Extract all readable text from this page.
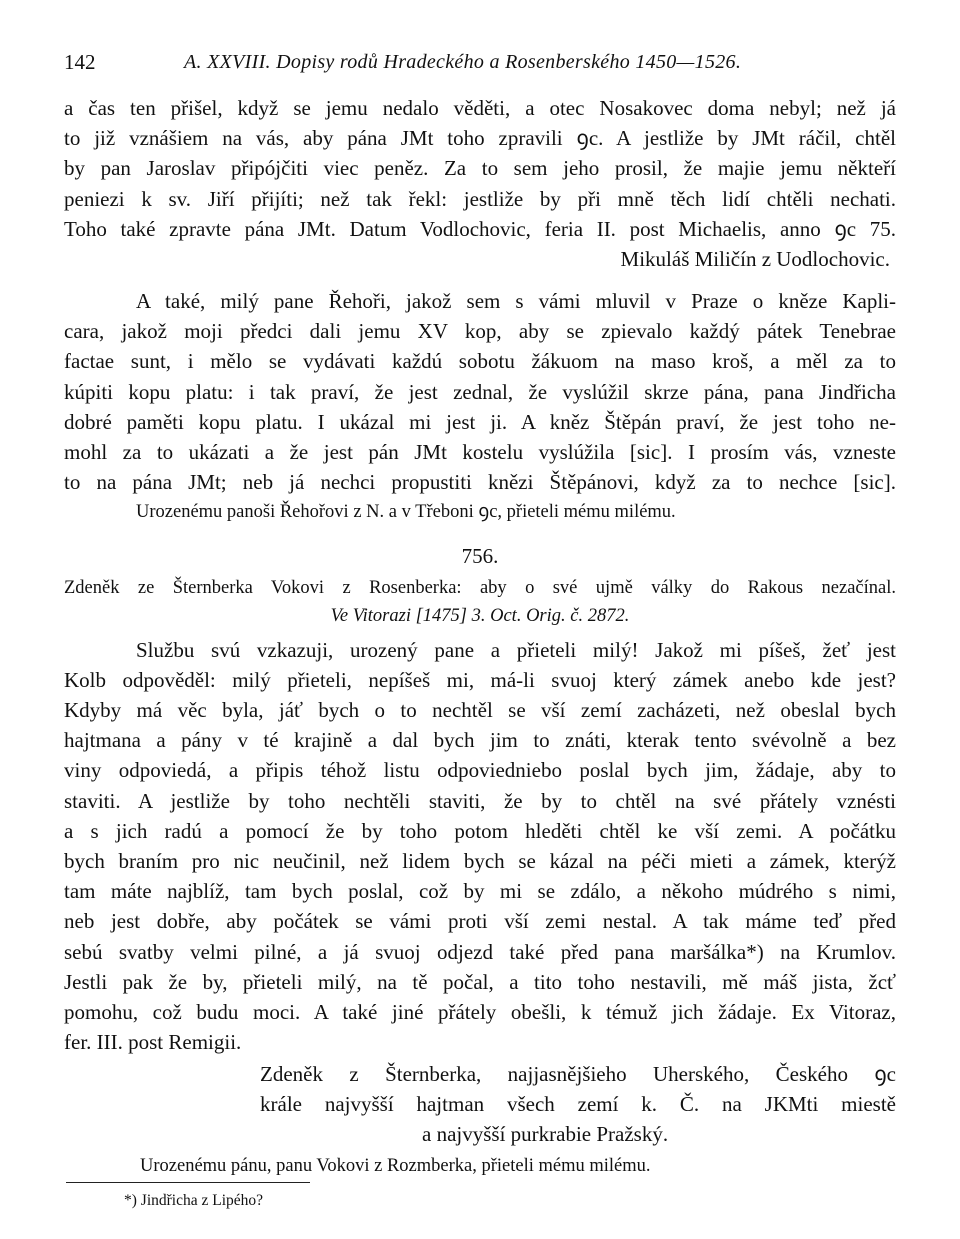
142	A. XXVIII. Dopisy rodů Hradeckého a Rosenberského 1450—1526.
a čas ten přišel, když se jemu nedalo věděti, a otec Nosakovec doma nebyl; než já
to již vznášiem na vás, aby pána JMt toho zpravili ꝯc. A jestliže by JMt ráčil, chtěl
by pan Jaroslav připójčiti viec peněz. Za to sem jeho prosil, že majie jemu někteří
peniezi k sv. Jiří přijíti; než tak řekl: jestliže by při mně těch lidí chtěli nechati.
Toho také zpravte pána JMt. Datum Vodlochovic, feria II. post Michaelis, anno ꝯc 75.
Mikuláš Miličín z Uodlochovic.
A také, milý pane Řehoři, jakož sem s vámi mluvil v Praze o kněze Kapli-
cara, jakož moji předci dali jemu XV kop, aby se zpievalo každý pátek Tenebrae
factae sunt, i mělo se vydávati každú sobotu žákuom na maso kroš, a měl za to
kúpiti kopu platu: i tak praví, že jest zednal, že vyslúžil skrze pána, pana Jindřicha
dobré paměti kopu platu. I ukázal mi jest ji. A kněz Štěpán praví, že jest toho ne-
mohl za to ukázati a že jest pán JMt kostelu vyslúžila [sic]. I prosím vás, vzneste
to na pána JMt; neb já nechci propustiti knězi Štěpánovi, když za to nechce [sic].
Urozenému panoši Řehořovi z N. a v Třeboni ꝯc, přieteli mému milému.
756.
Zdeněk ze Šternberka Vokovi z Rosenberka: aby o své ujmě války do Rakous nezačínal.
Ve Vitorazi [1475] 3. Oct. Orig. č. 2872.
Službu svú vzkazuji, urozený pane a přieteli milý! Jakož mi píšeš, žeť jest
Kolb odpověděl: milý přieteli, nepíšeš mi, má-li svuoj který zámek anebo kde jest?
Kdyby má věc byla, jáť bych o to nechtěl se vší zemí zacházeti, než obeslal bych
hajtmana a pány v té krajině a dal bych jim to znáti, kterak tento svévolně a bez
viny odpoviedá, a připis téhož listu odpoviedniebo poslal bych jim, žádaje, aby to
staviti. A jestliže by toho nechtěli staviti, že by to chtěl na své přátely vznésti
a s jich radú a pomocí že by toho potom hleděti chtěl ke vší zemi. A počátku
bych braním pro nic neučinil, než lidem bych se kázal na péči mieti a zámek, kterýž
tam máte najblíž, tam bych poslal, což by mi se zdálo, a někoho múdrého s nimi,
neb jest dobře, aby počátek se vámi proti vší zemi nestal. A tak máme teď před
sebú svatby velmi pilné, a já svuoj odjezd také před pana maršálka*) na Krumlov.
Jestli pak že by, přieteli milý, na tě počal, a tito toho nestavili, mě máš jista, žcť
pomohu, což budu moci. A také jiné přátely obešli, k témuž jich žádaje. Ex Vitoraz,
fer. III. post Remigii.
Zdeněk z Šternberka, najjasnějšieho Uherského, Českého ꝯc
krále najvyšší hajtman všech zemí k. Č. na JKMti miestě
a najvyšší purkrabie Pražský.
Urozenému pánu, panu Vokovi z Rozmberka, přieteli mému milému.
*) Jindřicha z Lipého?
